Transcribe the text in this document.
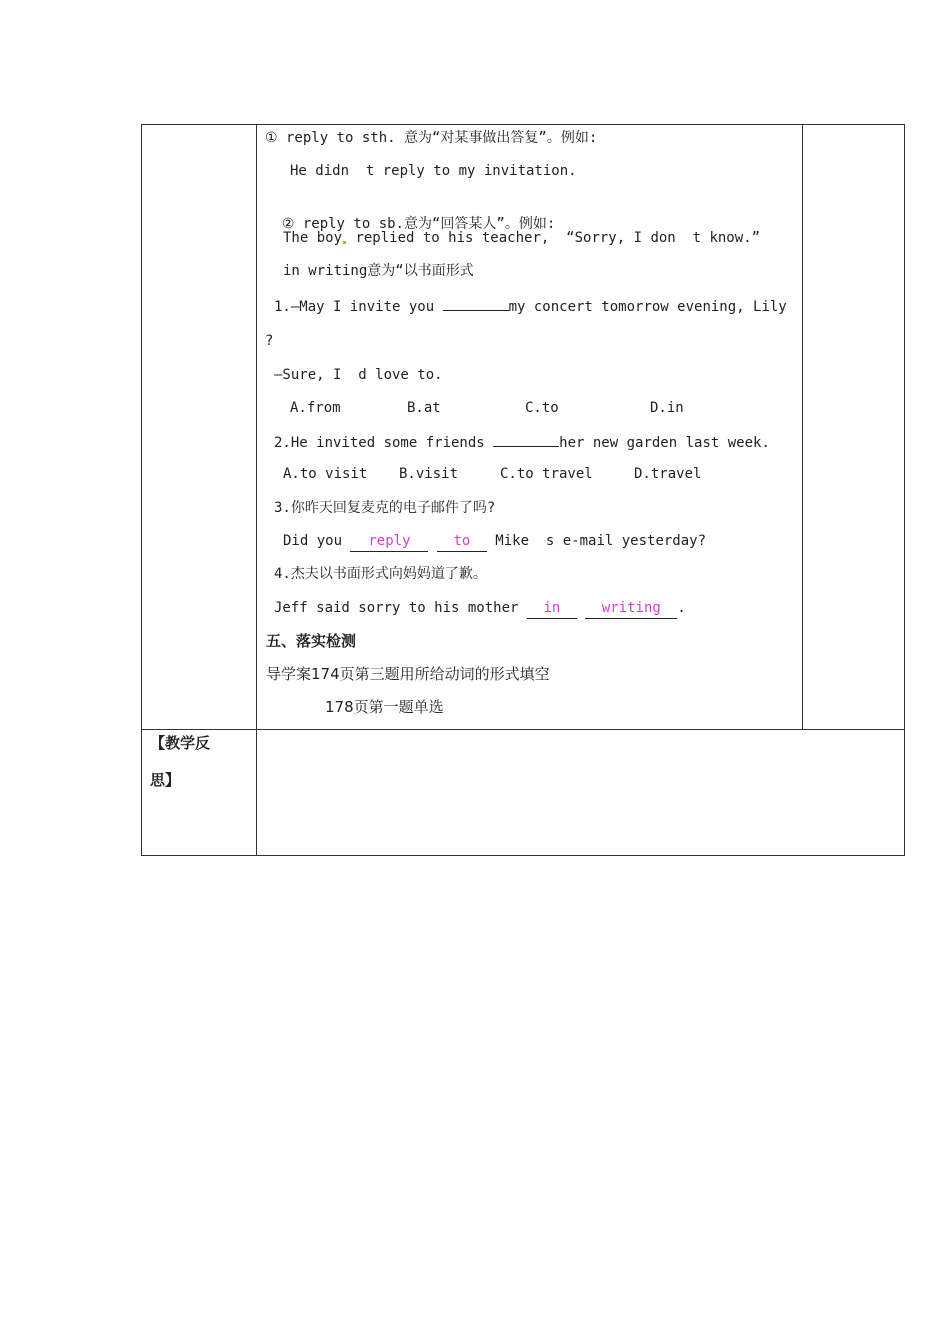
① reply to sth. 意为“对某事做出答复”。例如:
He didn  t reply to my invitation.

② reply to sb.意为“回答某人”。例如:

The boy replied to his teacher,  “Sorry, I don  t know.”
in writing意为“以书面形式
1.—May I invite you	my concert tomorrow evening, Lily
?
—Sure, I  d love to.
A.from	B.at	C.to	D.in
2.He invited some friends	her new garden last week.
A.to visit B.visit	C.to travel	D.travel
3.你昨天回复麦克的电子邮件了吗?
Did you reply	to Mike  s e-mail yesterday?
4.杰夫以书面形式向妈妈道了歉。
Jeff said sorry to his mother in	writing .
五、落实检测
导学案174页第三题用所给动词的形式填空
178页第一题单选
【教学反
思】
